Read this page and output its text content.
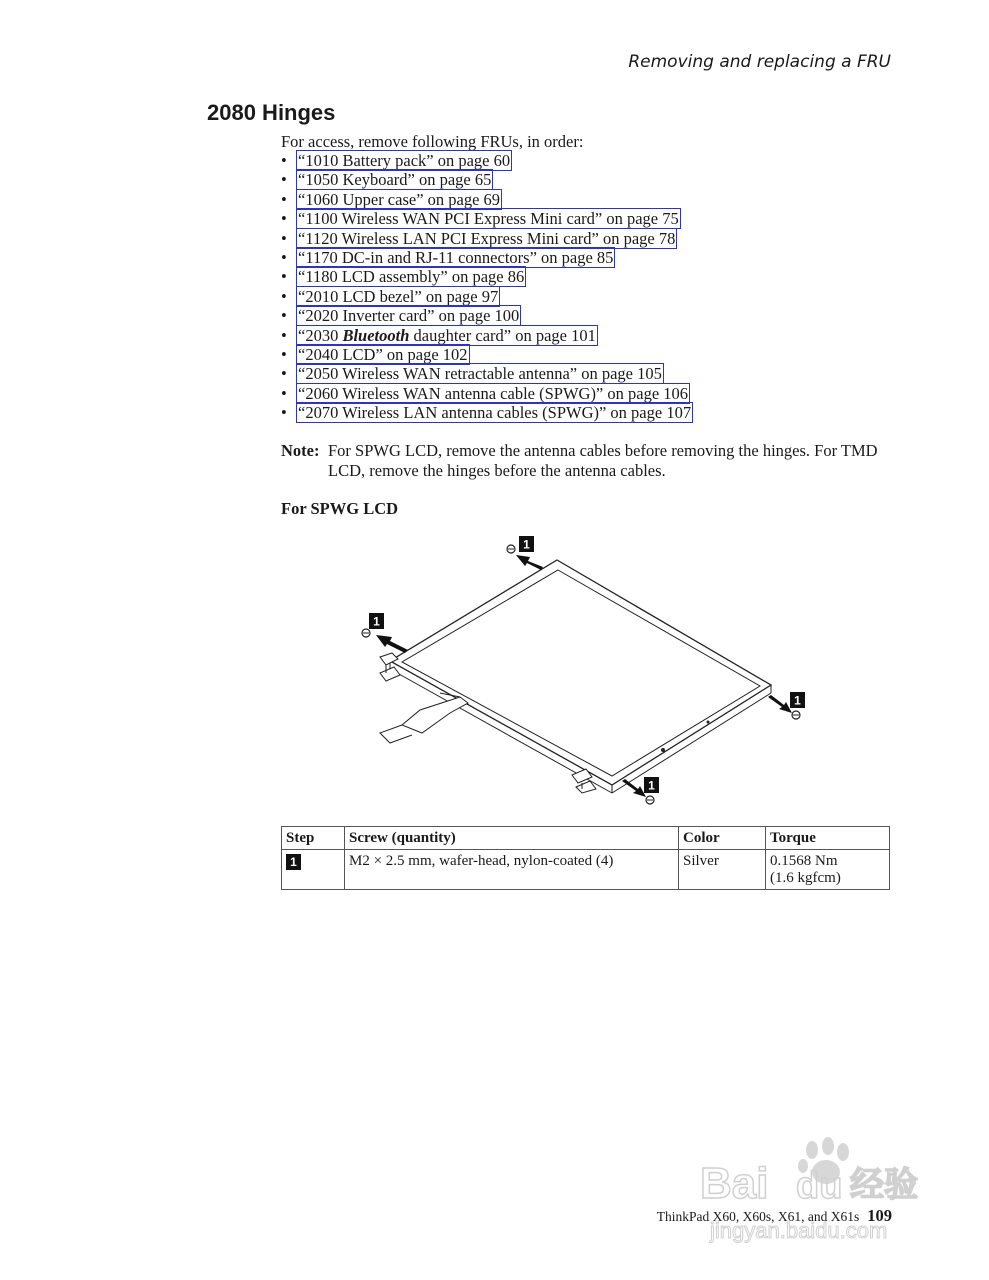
Removing and replacing a FRU
2080 Hinges
For access, remove following FRUs, in order:
• “1010 Battery pack” on page 60
• “1050 Keyboard” on page 65
• “1060 Upper case” on page 69
• “1100 Wireless WAN PCI Express Mini card” on page 75
• “1120 Wireless LAN PCI Express Mini card” on page 78
• “1170 DC-in and RJ-11 connectors” on page 85
• “1180 LCD assembly” on page 86
• “2010 LCD bezel” on page 97
• “2020 Inverter card” on page 100
• “2030 Bluetooth daughter card” on page 101
• “2040 LCD” on page 102
• “2050 Wireless WAN retractable antenna” on page 105
• “2060 Wireless WAN antenna cable (SPWG)” on page 106
• “2070 Wireless LAN antenna cables (SPWG)” on page 107
Note: For SPWG LCD, remove the antenna cables before removing the hinges. For TMD LCD, remove the hinges before the antenna cables.
For SPWG LCD
1
1
1
1
Step	Screw (quantity)	Color	Torque
1	M2 × 2.5 mm, wafer-head, nylon-coated (4)	Silver	0.1568 Nm
(1.6 kgfcm)
Bai du 经验
jingyan.baidu.com
ThinkPad X60, X60s, X61, and X61s 109
